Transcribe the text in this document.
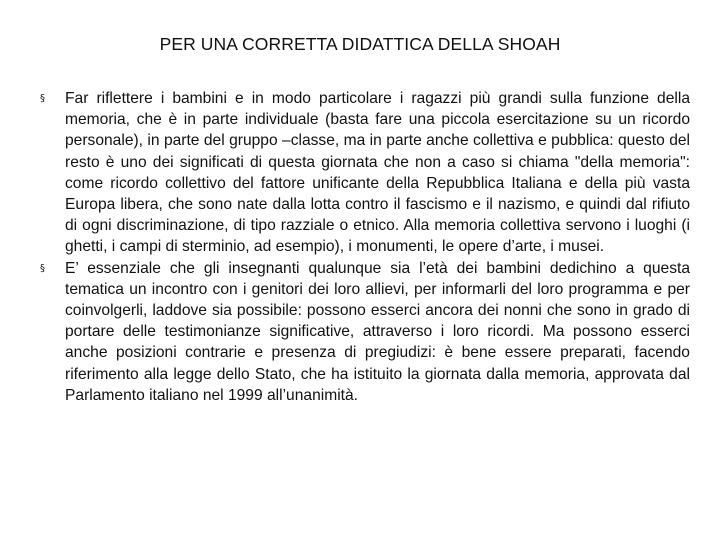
PER UNA CORRETTA DIDATTICA DELLA SHOAH
§	Far riflettere i bambini e in modo particolare i ragazzi più grandi sulla funzione della memoria, che è in parte individuale (basta fare una piccola esercitazione su un ricordo personale), in parte del gruppo –classe, ma in parte anche collettiva e pubblica: questo del resto è uno dei significati di questa giornata che non a caso si chiama "della memoria": come ricordo collettivo del fattore unificante della Repubblica Italiana e della più vasta Europa libera, che sono nate dalla lotta contro il fascismo e il nazismo, e quindi dal rifiuto di ogni discriminazione, di tipo razziale o etnico. Alla memoria collettiva servono i luoghi (i ghetti, i campi di sterminio, ad esempio), i monumenti, le opere d’arte, i musei.
§	E’ essenziale che gli insegnanti qualunque sia l’età dei bambini dedichino a questa tematica un incontro con i genitori dei loro allievi, per informarli del loro programma e per coinvolgerli, laddove sia possibile: possono esserci ancora dei nonni che sono in grado di portare delle testimonianze significative, attraverso i loro ricordi. Ma possono esserci anche posizioni contrarie e presenza di pregiudizi: è bene essere preparati, facendo riferimento alla legge dello Stato, che ha istituito la giornata dalla memoria, approvata dal Parlamento italiano nel 1999 all’unanimità.
